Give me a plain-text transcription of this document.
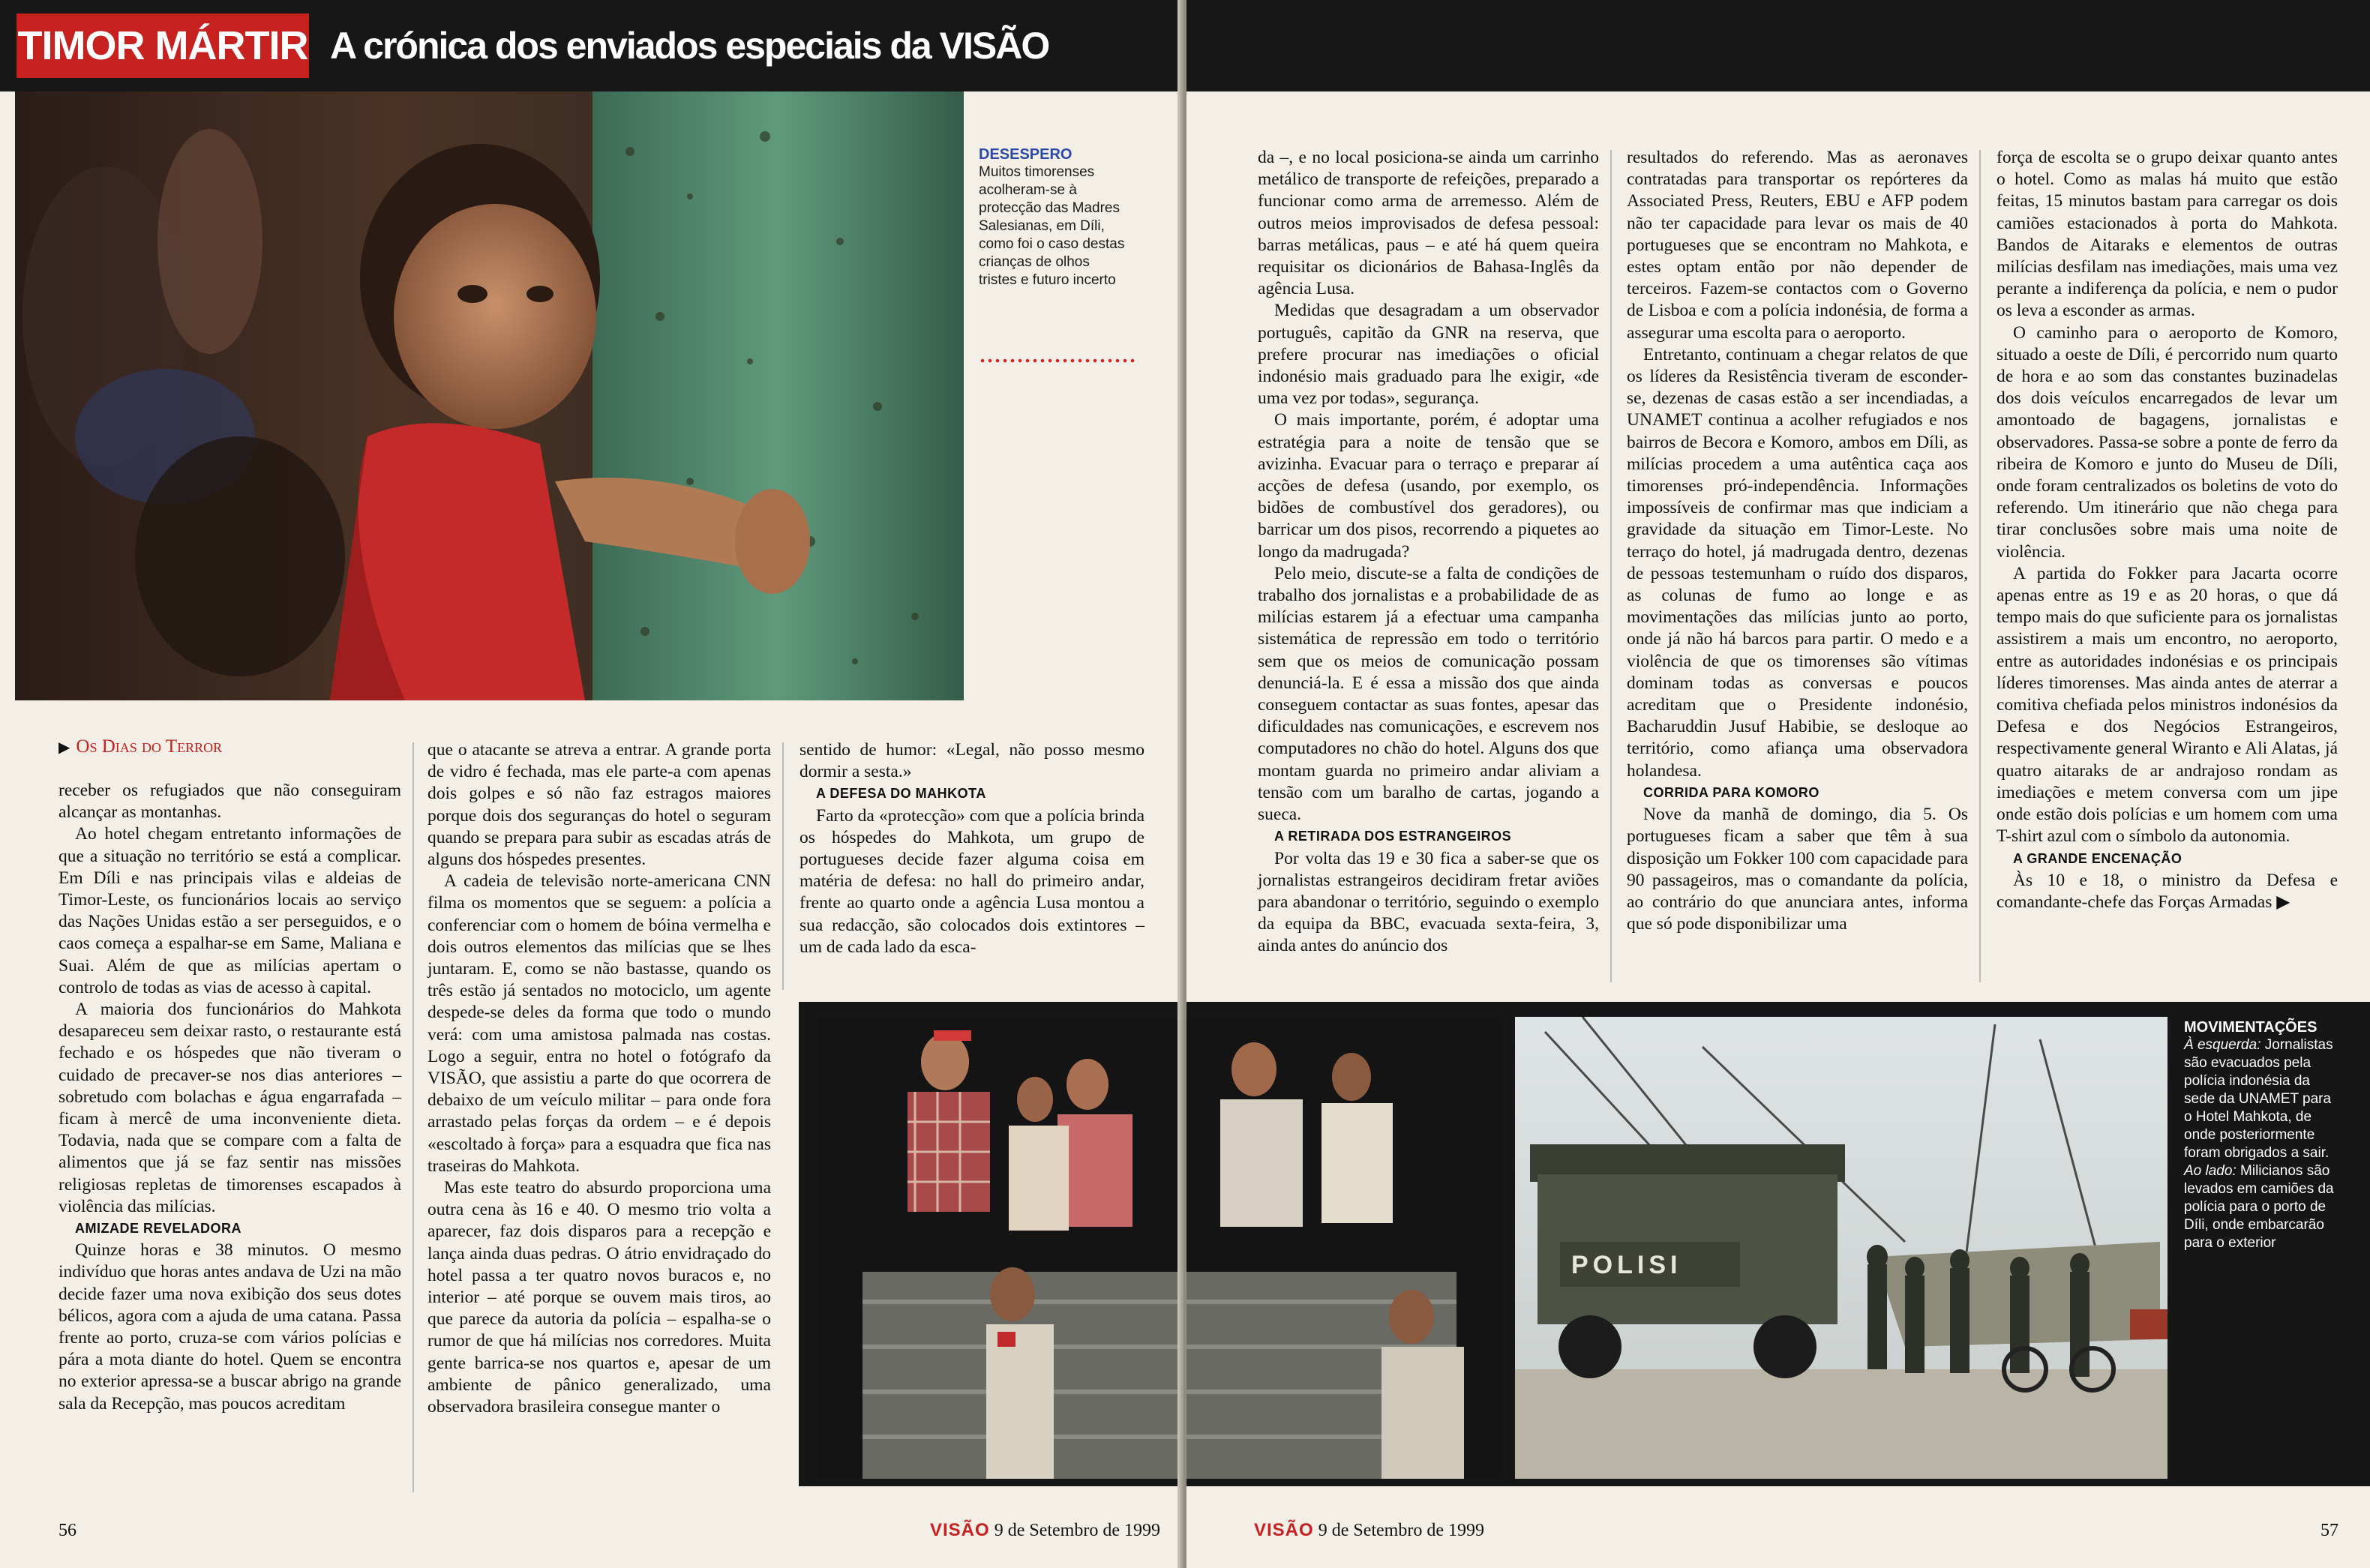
TIMOR MÁRTIR A crónica dos enviados especiais da VISÃO
DESESPERO
Muitos timorenses acolheram-se à protecção das Madres Salesianas, em Díli, como foi o caso destas crianças de olhos tristes e futuro incerto
▶ Os Dias do Terror

receber os refugiados que não conseguiram alcançar as montanhas.

Ao hotel chegam entretanto informações de que a situação no território se está a complicar. Em Díli e nas principais vilas e aldeias de Timor-Leste, os funcionários locais ao serviço das Nações Unidas estão a ser perseguidos, e o caos começa a espalhar-se em Same, Maliana e Suai. Além de que as milícias apertam o controlo de todas as vias de acesso à capital.

A maioria dos funcionários do Mahkota desapareceu sem deixar rasto, o restaurante está fechado e os hóspedes que não tiveram o cuidado de precaver-se nos dias anteriores – sobretudo com bolachas e água engarrafada – ficam à mercê de uma inconveniente dieta. Todavia, nada que se compare com a falta de alimentos que já se faz sentir nas missões religiosas repletas de timorenses escapados à violência das milícias.

AMIZADE REVELADORA

Quinze horas e 38 minutos. O mesmo indivíduo que horas antes andava de Uzi na mão decide fazer uma nova exibição dos seus dotes bélicos, agora com a ajuda de uma catana. Passa frente ao porto, cruza-se com vários polícias e pára a mota diante do hotel. Quem se encontra no exterior apressa-se a buscar abrigo na grande sala da Recepção, mas poucos acreditam

que o atacante se atreva a entrar. A grande porta de vidro é fechada, mas ele parte-a com apenas dois golpes e só não faz estragos maiores porque dois dos seguranças do hotel o seguram quando se prepara para subir as escadas atrás de alguns dos hóspedes presentes.

A cadeia de televisão norte-americana CNN filma os momentos que se seguem: a polícia a conferenciar com o homem de bóina vermelha e dois outros elementos das milícias que se lhes juntaram. E, como se não bastasse, quando os três estão já sentados no motociclo, um agente despede-se deles da forma que todo o mundo verá: com uma amistosa palmada nas costas. Logo a seguir, entra no hotel o fotógrafo da VISÃO, que assistiu a parte do que ocorrera de debaixo de um veículo militar – para onde fora arrastado pelas forças da ordem – e é depois «escoltado à força» para a esquadra que fica nas traseiras do Mahkota.

Mas este teatro do absurdo proporciona uma outra cena às 16 e 40. O mesmo trio volta a aparecer, faz dois disparos para a recepção e lança ainda duas pedras. O átrio envidraçado do hotel passa a ter quatro novos buracos e, no interior – até porque se ouvem mais tiros, ao que parece da autoria da polícia – espalha-se o rumor de que há milícias nos corredores. Muita gente barrica-se nos quartos e, apesar de um ambiente de pânico generalizado, uma observadora brasileira consegue manter o

sentido de humor: «Legal, não posso mesmo dormir a sesta.»

A DEFESA DO MAHKOTA

Farto da «protecção» com que a polícia brinda os hóspedes do Mahkota, um grupo de portugueses decide fazer alguma coisa em matéria de defesa: no hall do primeiro andar, frente ao quarto onde a agência Lusa montou a sua redacção, são colocados dois extintores – um de cada lado da esca-

56	VISÃO 9 de Setembro de 1999

da –, e no local posiciona-se ainda um carrinho metálico de transporte de refeições, preparado a funcionar como arma de arremesso. Além de outros meios improvisados de defesa pessoal: barras metálicas, paus – e até há quem queira requisitar os dicionários de Bahasa-Inglês da agência Lusa.

Medidas que desagradam a um observador português, capitão da GNR na reserva, que prefere procurar nas imediações o oficial indonésio mais graduado para lhe exigir, «de uma vez por todas», segurança.

O mais importante, porém, é adoptar uma estratégia para a noite de tensão que se avizinha. Evacuar para o terraço e preparar aí acções de defesa (usando, por exemplo, os bidões de combustível dos geradores), ou barricar um dos pisos, recorrendo a piquetes ao longo da madrugada?

Pelo meio, discute-se a falta de condições de trabalho dos jornalistas e a probabilidade de as milícias estarem já a efectuar uma campanha sistemática de repressão em todo o território sem que os meios de comunicação possam denunciá-la. E é essa a missão dos que ainda conseguem contactar as suas fontes, apesar das dificuldades nas comunicações, e escrevem nos computadores no chão do hotel. Alguns dos que montam guarda no primeiro andar aliviam a tensão com um baralho de cartas, jogando a sueca.

A RETIRADA DOS ESTRANGEIROS

Por volta das 19 e 30 fica a saber-se que os jornalistas estrangeiros decidiram fretar aviões para abandonar o território, seguindo o exemplo da equipa da BBC, evacuada sexta-feira, 3, ainda antes do anúncio dos

resultados do referendo. Mas as aeronaves contratadas para transportar os repórteres da Associated Press, Reuters, EBU e AFP podem não ter capacidade para levar os mais de 40 portugueses que se encontram no Mahkota, e estes optam então por não depender de terceiros. Fazem-se contactos com o Governo de Lisboa e com a polícia indonésia, de forma a assegurar uma escolta para o aeroporto.

Entretanto, continuam a chegar relatos de que os líderes da Resistência tiveram de esconder-se, dezenas de casas estão a ser incendiadas, a UNAMET continua a acolher refugiados e nos bairros de Becora e Komoro, ambos em Díli, as milícias procedem a uma autêntica caça aos timorenses pró-independência. Informações impossíveis de confirmar mas que indiciam a gravidade da situação em Timor-Leste. No terraço do hotel, já madrugada dentro, dezenas de pessoas testemunham o ruído dos disparos, as colunas de fumo ao longe e as movimentações das milícias junto ao porto, onde já não há barcos para partir. O medo e a violência de que os timorenses são vítimas dominam todas as conversas e poucos acreditam que o Presidente indonésio, Bacharuddin Jusuf Habibie, se desloque ao território, como afiança uma observadora holandesa.

CORRIDA PARA KOMORO

Nove da manhã de domingo, dia 5. Os portugueses ficam a saber que têm à sua disposição um Fokker 100 com capacidade para 90 passageiros, mas o comandante da polícia, ao contrário do que anunciara antes, informa que só pode disponibilizar uma

força de escolta se o grupo deixar quanto antes o hotel. Como as malas há muito que estão feitas, 15 minutos bastam para carregar os dois camiões estacionados à porta do Mahkota. Bandos de Aitaraks e elementos de outras milícias desfilam nas imediações, mais uma vez perante a indiferença da polícia, e nem o pudor os leva a esconder as armas.

O caminho para o aeroporto de Komoro, situado a oeste de Díli, é percorrido num quarto de hora e ao som das constantes buzinadelas dos dois veículos encarregados de levar um amontoado de bagagens, jornalistas e observadores. Passa-se sobre a ponte de ferro da ribeira de Komoro e junto do Museu de Díli, onde foram centralizados os boletins de voto do referendo. Um itinerário que não chega para tirar conclusões sobre mais uma noite de violência.

A partida do Fokker para Jacarta ocorre apenas entre as 19 e as 20 horas, o que dá tempo mais do que suficiente para os jornalistas assistirem a mais um encontro, no aeroporto, entre as autoridades indonésias e os principais líderes timorenses. Mas ainda antes de aterrar a comitiva chefiada pelos ministros indonésios da Defesa e dos Negócios Estrangeiros, respectivamente general Wiranto e Ali Alatas, já quatro aitaraks de ar andrajoso rondam as imediações e metem conversa com um jipe onde estão dois polícias e um homem com uma T-shirt azul com o símbolo da autonomia.

A GRANDE ENCENAÇÃO

Às 10 e 18, o ministro da Defesa e comandante-chefe das Forças Armadas ▶

POLISI
MOVIMENTAÇÕES
À esquerda: Jornalistas são evacuados pela polícia indonésia da sede da UNAMET para o Hotel Mahkota, de onde posteriormente foram obrigados a sair.
Ao lado: Milicianos são levados em camiões da polícia para o porto de Díli, onde embarcarão para o exterior
VISÃO 9 de Setembro de 1999	57
